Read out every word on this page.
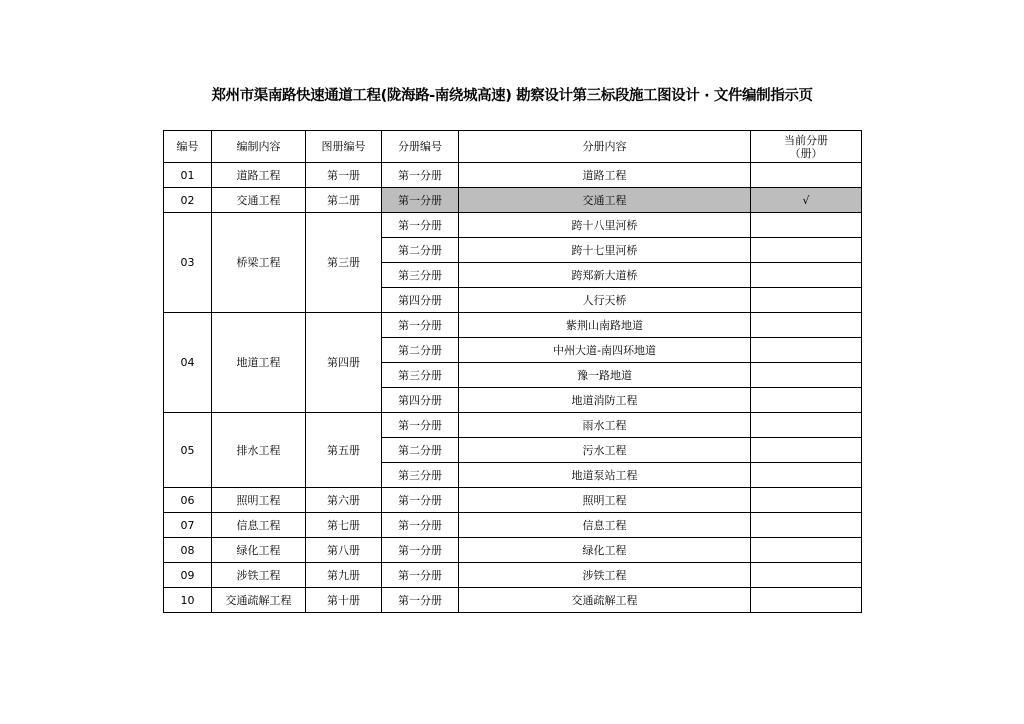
郑州市渠南路快速通道工程(陇海路-南绕城高速) 勘察设计第三标段施工图设计 · 文件编制指示页
编号	编制内容	图册编号	分册编号	分册内容	当前分册
（册）

01	道路工程	第一册	第一分册	道路工程	
02	交通工程	第二册	第一分册	交通工程	√
03	桥梁工程	第三册	第一分册	跨十八里河桥	
			第二分册	跨十七里河桥	
			第三分册	跨郑新大道桥	
			第四分册	人行天桥	
04	地道工程	第四册	第一分册	紫荆山南路地道	
			第二分册	中州大道-南四环地道	
			第三分册	豫一路地道	
			第四分册	地道消防工程	
05	排水工程	第五册	第一分册	雨水工程	
			第二分册	污水工程	
			第三分册	地道泵站工程	
06	照明工程	第六册	第一分册	照明工程	
07	信息工程	第七册	第一分册	信息工程	
08	绿化工程	第八册	第一分册	绿化工程	
09	涉铁工程	第九册	第一分册	涉铁工程	
10	交通疏解工程	第十册	第一分册	交通疏解工程	
